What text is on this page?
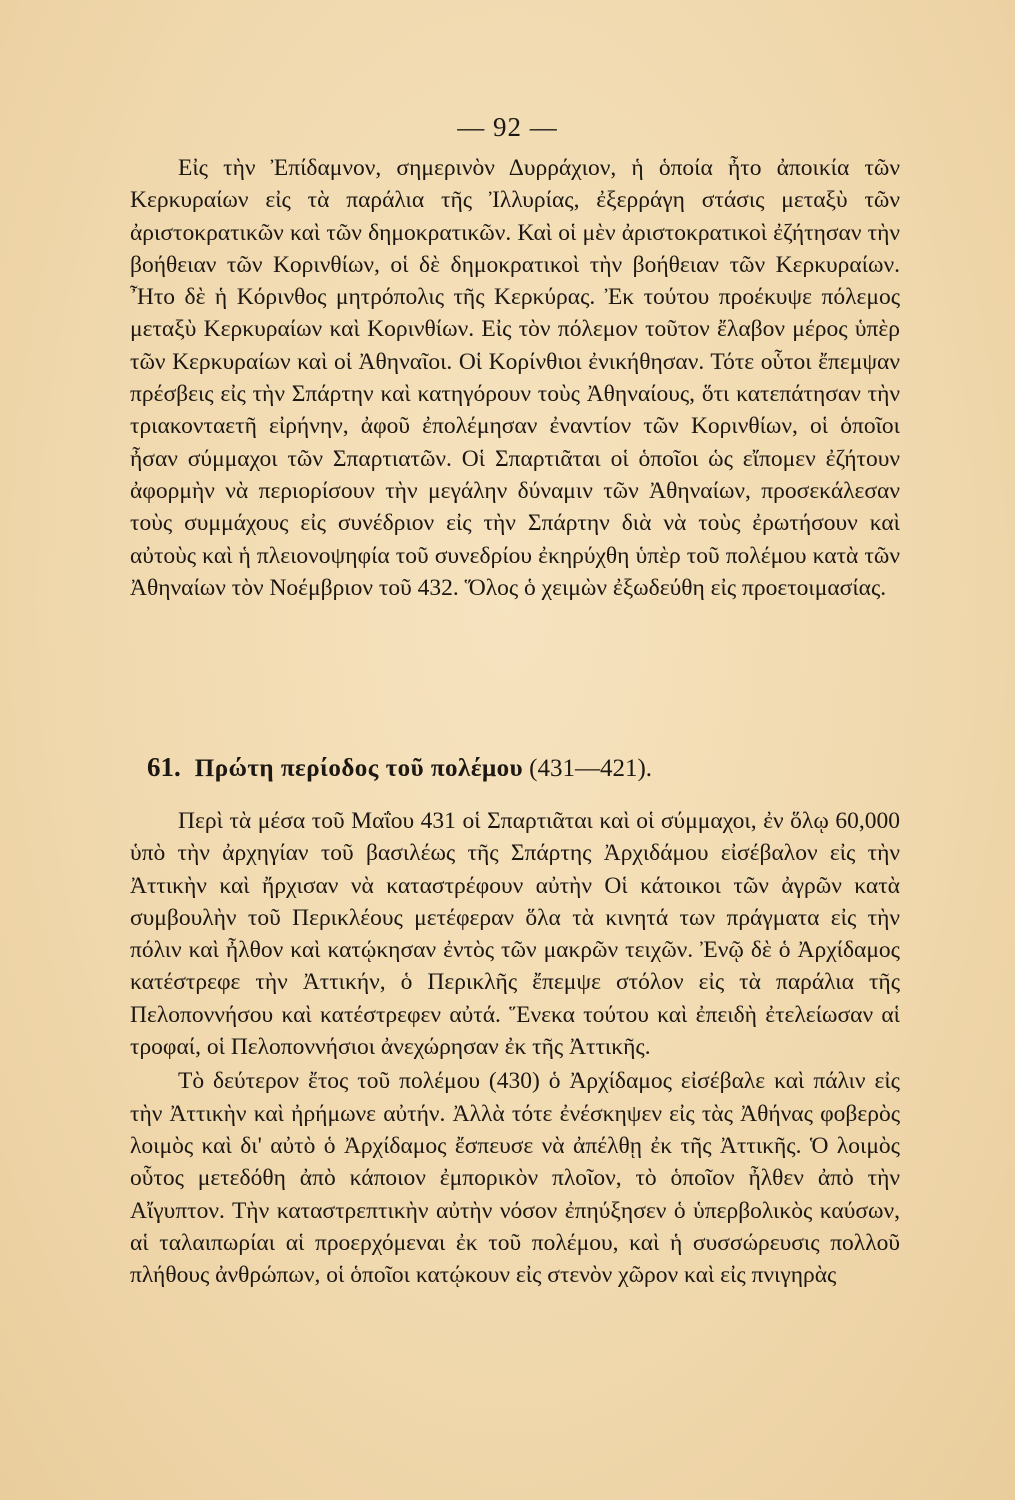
— 92 —

Εἰς τὴν Ἐπίδαμνον, σημερινὸν Δυρράχιον, ἡ ὁποία ἦτο ἀποικία τῶν Κερκυραίων εἰς τὰ παράλια τῆς Ἰλλυρίας, ἐξερράγη στάσις μεταξὺ τῶν ἀριστοκρατικῶν καὶ τῶν δημοκρατικῶν. Καὶ οἱ μὲν ἀριστοκρατικοὶ ἐζήτησαν τὴν βοήθειαν τῶν Κορινθίων, οἱ δὲ δημοκρατικοὶ τὴν βοήθειαν τῶν Κερκυραίων. Ἦτο δὲ ἡ Κόρινθος μητρόπολις τῆς Κερκύρας. Ἐκ τούτου προέκυψε πόλεμος μεταξὺ Κερκυραίων καὶ Κορινθίων. Εἰς τὸν πόλεμον τοῦτον ἔλαβον μέρος ὑπὲρ τῶν Κερκυραίων καὶ οἱ Ἀθηναῖοι. Οἱ Κορίνθιοι ἐνικήθησαν. Τότε οὗτοι ἔπεμψαν πρέσβεις εἰς τὴν Σπάρτην καὶ κατηγόρουν τοὺς Ἀθηναίους, ὅτι κατεπάτησαν τὴν τριακονταετῆ εἰρήνην, ἀφοῦ ἐπολέμησαν ἐναντίον τῶν Κορινθίων, οἱ ὁποῖοι ἦσαν σύμμαχοι τῶν Σπαρτιατῶν. Οἱ Σπαρτιᾶται οἱ ὁποῖοι ὡς εἴπομεν ἐζήτουν ἀφορμὴν νὰ περιορίσουν τὴν μεγάλην δύναμιν τῶν Ἀθηναίων, προσεκάλεσαν τοὺς συμμάχους εἰς συνέδριον εἰς τὴν Σπάρτην διὰ νὰ τοὺς ἐρωτήσουν καὶ αὐτοὺς καὶ ἡ πλειονοψηφία τοῦ συνεδρίου ἐκηρύχθη ὑπὲρ τοῦ πολέμου κατὰ τῶν Ἀθηναίων τὸν Νοέμβριον τοῦ 432. Ὅλος ὁ χειμὼν ἐξωδεύθη εἰς προετοιμασίας.

61. Πρώτη περίοδος τοῦ πολέμου (431—421).

Περὶ τὰ μέσα τοῦ Μαΐου 431 οἱ Σπαρτιᾶται καὶ οἱ σύμμαχοι, ἐν ὅλῳ 60,000 ὑπὸ τὴν ἀρχηγίαν τοῦ βασιλέως τῆς Σπάρτης Ἀρχιδάμου εἰσέβαλον εἰς τὴν Ἀττικὴν καὶ ἤρχισαν νὰ καταστρέφουν αὐτὴν Οἱ κάτοικοι τῶν ἀγρῶν κατὰ συμβουλὴν τοῦ Περικλέους μετέφεραν ὅλα τὰ κινητά των πράγματα εἰς τὴν πόλιν καὶ ἦλθον καὶ κατῴκησαν ἐντὸς τῶν μακρῶν τειχῶν. Ἐνῷ δὲ ὁ Ἀρχίδαμος κατέστρεφε τὴν Ἀττικήν, ὁ Περικλῆς ἔπεμψε στόλον εἰς τὰ παράλια τῆς Πελοποννήσου καὶ κατέστρεφεν αὐτά. Ἕνεκα τούτου καὶ ἐπειδὴ ἐτελείωσαν αἱ τροφαί, οἱ Πελοποννήσιοι ἀνεχώρησαν ἐκ τῆς Ἀττικῆς.

Τὸ δεύτερον ἔτος τοῦ πολέμου (430) ὁ Ἀρχίδαμος εἰσέβαλε καὶ πάλιν εἰς τὴν Ἀττικὴν καὶ ἠρήμωνε αὐτήν. Ἀλλὰ τότε ἐνέσκηψεν εἰς τὰς Ἀθήνας φοβερὸς λοιμὸς καὶ δι' αὐτὸ ὁ Ἀρχίδαμος ἔσπευσε νὰ ἀπέλθῃ ἐκ τῆς Ἀττικῆς. Ὁ λοιμὸς οὗτος μετεδόθη ἀπὸ κάποιον ἐμπορικὸν πλοῖον, τὸ ὁποῖον ἦλθεν ἀπὸ τὴν Αἴγυπτον. Τὴν καταστρεπτικὴν αὐτὴν νόσον ἐπηύξησεν ὁ ὑπερβολικὸς καύσων, αἱ ταλαιπωρίαι αἱ προερχόμεναι ἐκ τοῦ πολέμου, καὶ ἡ συσσώρευσις πολλοῦ πλήθους ἀνθρώπων, οἱ ὁποῖοι κατῴκουν εἰς στενὸν χῶρον καὶ εἰς πνιγηρὰς
